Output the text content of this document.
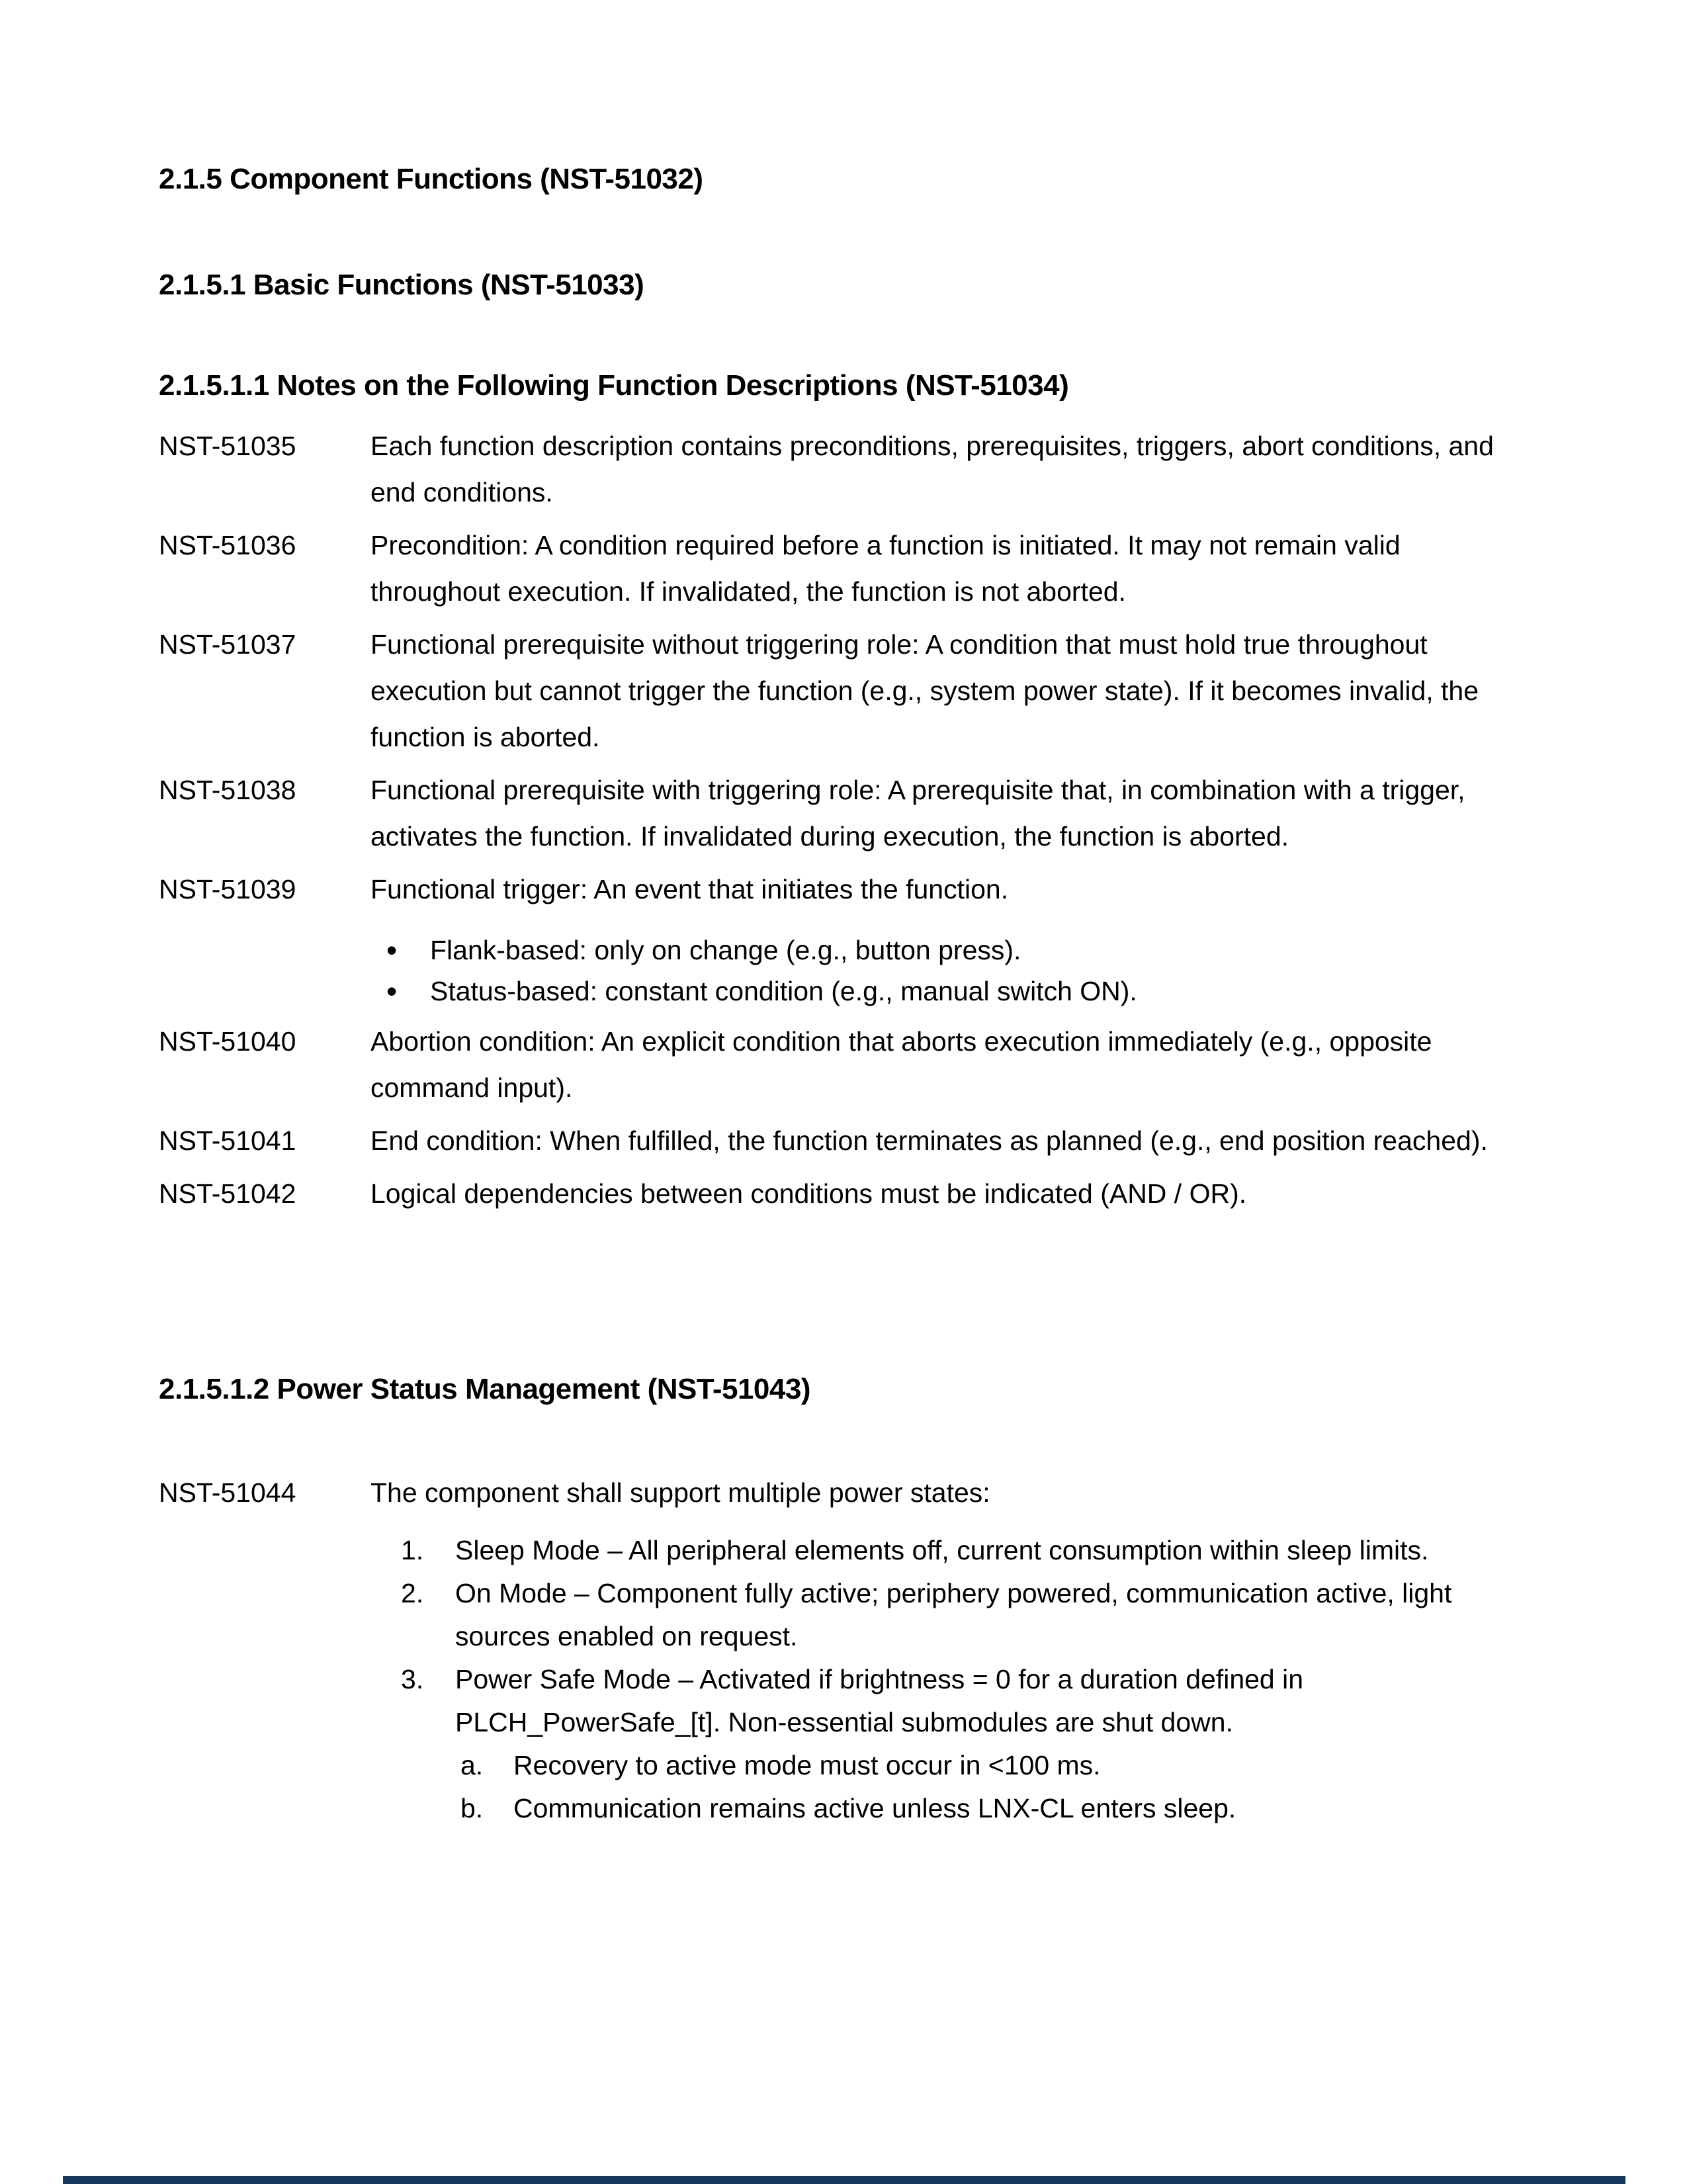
2.1.5 Component Functions (NST-51032)
2.1.5.1 Basic Functions (NST-51033)
2.1.5.1.1 Notes on the Following Function Descriptions (NST-51034)
NST-51035	Each function description contains preconditions, prerequisites, triggers, abort conditions, and end conditions.
NST-51036	Precondition: A condition required before a function is initiated. It may not remain valid throughout execution. If invalidated, the function is not aborted.
NST-51037	Functional prerequisite without triggering role: A condition that must hold true throughout execution but cannot trigger the function (e.g., system power state). If it becomes invalid, the function is aborted.
NST-51038	Functional prerequisite with triggering role: A prerequisite that, in combination with a trigger, activates the function. If invalidated during execution, the function is aborted.
NST-51039	Functional trigger: An event that initiates the function.
•	Flank-based: only on change (e.g., button press).
•	Status-based: constant condition (e.g., manual switch ON).
NST-51040	Abortion condition: An explicit condition that aborts execution immediately (e.g., opposite command input).
NST-51041	End condition: When fulfilled, the function terminates as planned (e.g., end position reached).
NST-51042	Logical dependencies between conditions must be indicated (AND / OR).
2.1.5.1.2 Power Status Management (NST-51043)
NST-51044	The component shall support multiple power states:
1.	Sleep Mode – All peripheral elements off, current consumption within sleep limits.
2.	On Mode – Component fully active; periphery powered, communication active, light sources enabled on request.
3.	Power Safe Mode – Activated if brightness = 0 for a duration defined in PLCH_PowerSafe_[t]. Non-essential submodules are shut down.
a.	Recovery to active mode must occur in <100 ms.
b.	Communication remains active unless LNX-CL enters sleep.
